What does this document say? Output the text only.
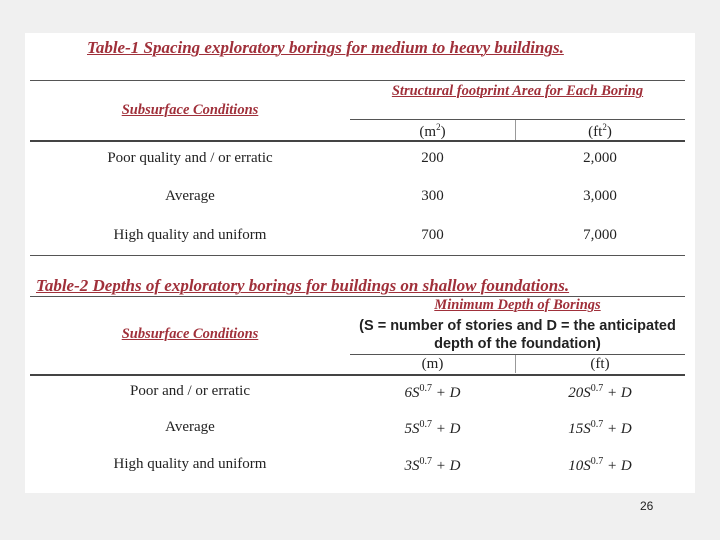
Table-1 Spacing exploratory borings for medium to heavy buildings.
Subsurface Conditions
Structural footprint Area for Each Boring
$(m^2)$	$(ft^2)$
Poor quality and / or erratic	200	2,000
Average	300	3,000
High quality and uniform	700	7,000
Table-2 Depths of exploratory borings for buildings on shallow foundations.
Subsurface Conditions
Minimum Depth of Borings
(S = number of stories and D = the anticipated
depth of the foundation)
(m)	(ft)
Poor and / or erratic	$6S^{0.7} + D$	$20S^{0.7} + D$
Average	$5S^{0.7} + D$	$15S^{0.7} + D$
High quality and uniform	$3S^{0.7} + D$	$10S^{0.7} + D$
26
